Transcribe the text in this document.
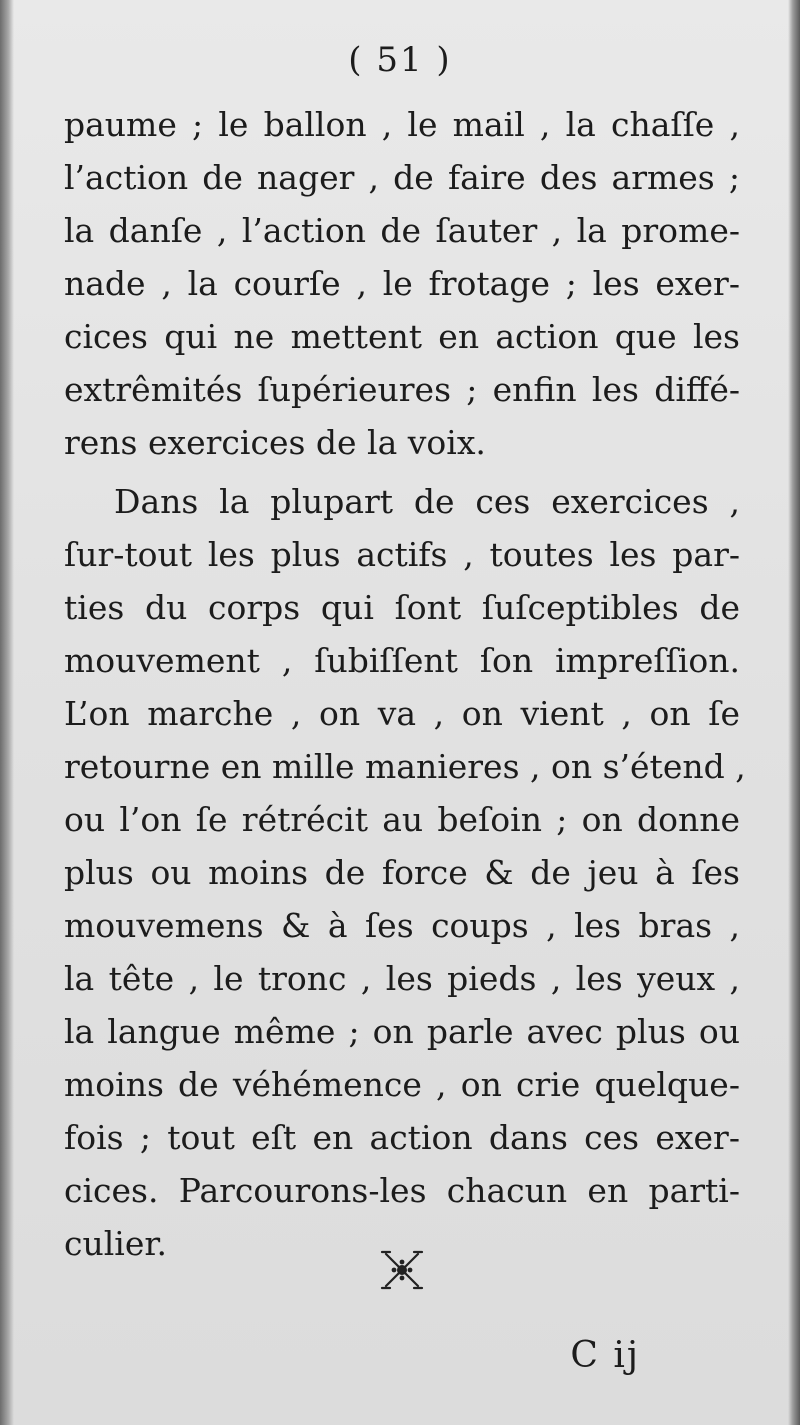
( 51 )
paume ; le ballon , le mail , la chaſſe ,
l’action de nager , de faire des armes ;
la danſe , l’action de ſauter , la prome-
nade , la courſe , le frotage ; les exer-
cices qui ne mettent en action que les
extrêmités ſupérieures ; enfin les diffé-
rens exercices de la voix.
Dans la plupart de ces exercices ,
ſur-tout les plus actifs , toutes les par-
ties du corps qui ſont ſuſceptibles de
mouvement , ſubiſſent ſon impreſſion.
L’on marche , on va , on vient , on ſe
retourne en mille manieres , on s’étend ,
ou l’on ſe rétrécit au beſoin ; on donne
plus ou moins de force & de jeu à ſes
mouvemens & à ſes coups , les bras ,
la tête , le tronc , les pieds , les yeux ,
la langue même ; on parle avec plus ou
moins de véhémence , on crie quelque-
fois ; tout eſt en action dans ces exer-
cices. Parcourons-les chacun en parti-
culier.
C ij
